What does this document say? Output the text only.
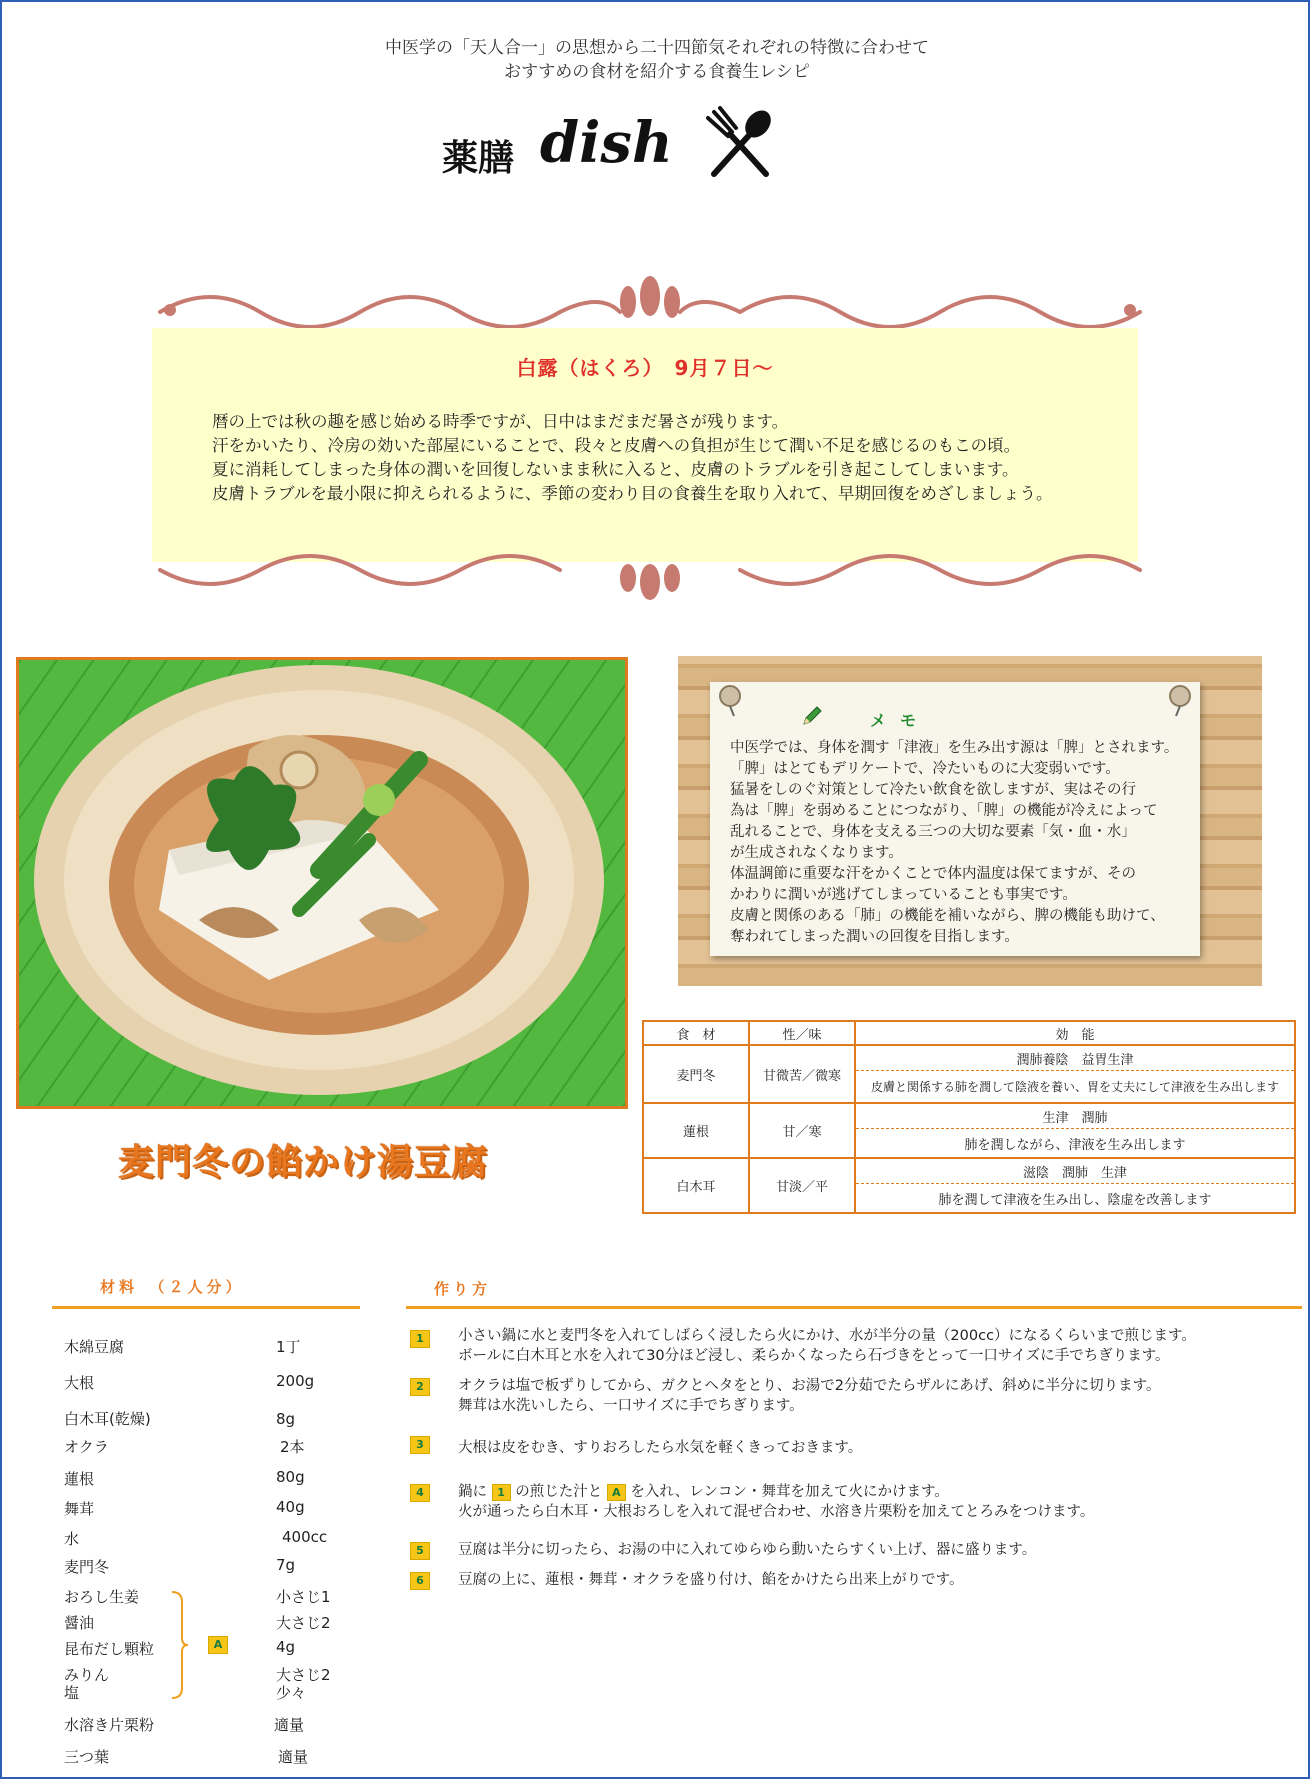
中医学の「天人合一」の思想から二十四節気それぞれの特徴に合わせて
おすすめの食材を紹介する食養生レシピ
薬膳 dish
白露（はくろ）　9月７日～
暦の上では秋の趣を感じ始める時季ですが、日中はまだまだ暑さが残ります。
汗をかいたり、冷房の効いた部屋にいることで、段々と皮膚への負担が生じて潤い不足を感じるのもこの頃。
夏に消耗してしまった身体の潤いを回復しないまま秋に入ると、皮膚のトラブルを引き起こしてしまいます。
皮膚トラブルを最小限に抑えられるように、季節の変わり目の食養生を取り入れて、早期回復をめざしましょう。
麦門冬の餡かけ湯豆腐
メモ
中医学では、身体を潤す「津液」を生み出す源は「脾」とされます。
「脾」はとてもデリケートで、冷たいものに大変弱いです。
猛暑をしのぐ対策として冷たい飲食を欲しますが、実はその行
為は「脾」を弱めることにつながり、「脾」の機能が冷えによって
乱れることで、身体を支える三つの大切な要素「気・血・水」
が生成されなくなります。
体温調節に重要な汗をかくことで体内温度は保てますが、その
かわりに潤いが逃げてしまっていることも事実です。
皮膚と関係のある「肺」の機能を補いながら、脾の機能も助けて、
奪われてしまった潤いの回復を目指します。
食　材	性／味	効　能
麦門冬	甘微苦／微寒	潤肺養陰　益胃生津
		皮膚と関係する肺を潤して陰液を養い、胃を丈夫にして津液を生み出します
蓮根	甘／寒	生津　潤肺
		肺を潤しながら、津液を生み出します
白木耳	甘淡／平	滋陰　潤肺　生津
		肺を潤して津液を生み出し、陰虚を改善します
材料　（２人分）
木綿豆腐	1丁
大根	200g
白木耳(乾燥)	8g
オクラ	2本
蓮根	80g
舞茸	40g
水	400cc
麦門冬	7g
おろし生姜	小さじ1
醤油	大さじ2
昆布だし顆粒	4g
みりん	大さじ2
塩	少々
A
水溶き片栗粉	適量
三つ葉	適量
作り方
1	小さい鍋に水と麦門冬を入れてしばらく浸したら火にかけ、水が半分の量（200cc）になるくらいまで煎じます。
ボールに白木耳と水を入れて30分ほど浸し、柔らかくなったら石づきをとって一口サイズに手でちぎります。
2	オクラは塩で板ずりしてから、ガクとヘタをとり、お湯で2分茹でたらザルにあげ、斜めに半分に切ります。
舞茸は水洗いしたら、一口サイズに手でちぎります。
3	大根は皮をむき、すりおろしたら水気を軽くきっておきます。
4	鍋に 1 の煎じた汁と A を入れ、レンコン・舞茸を加えて火にかけます。
火が通ったら白木耳・大根おろしを入れて混ぜ合わせ、水溶き片栗粉を加えてとろみをつけます。
5	豆腐は半分に切ったら、お湯の中に入れてゆらゆら動いたらすくい上げ、器に盛ります。
6	豆腐の上に、蓮根・舞茸・オクラを盛り付け、餡をかけたら出来上がりです。
